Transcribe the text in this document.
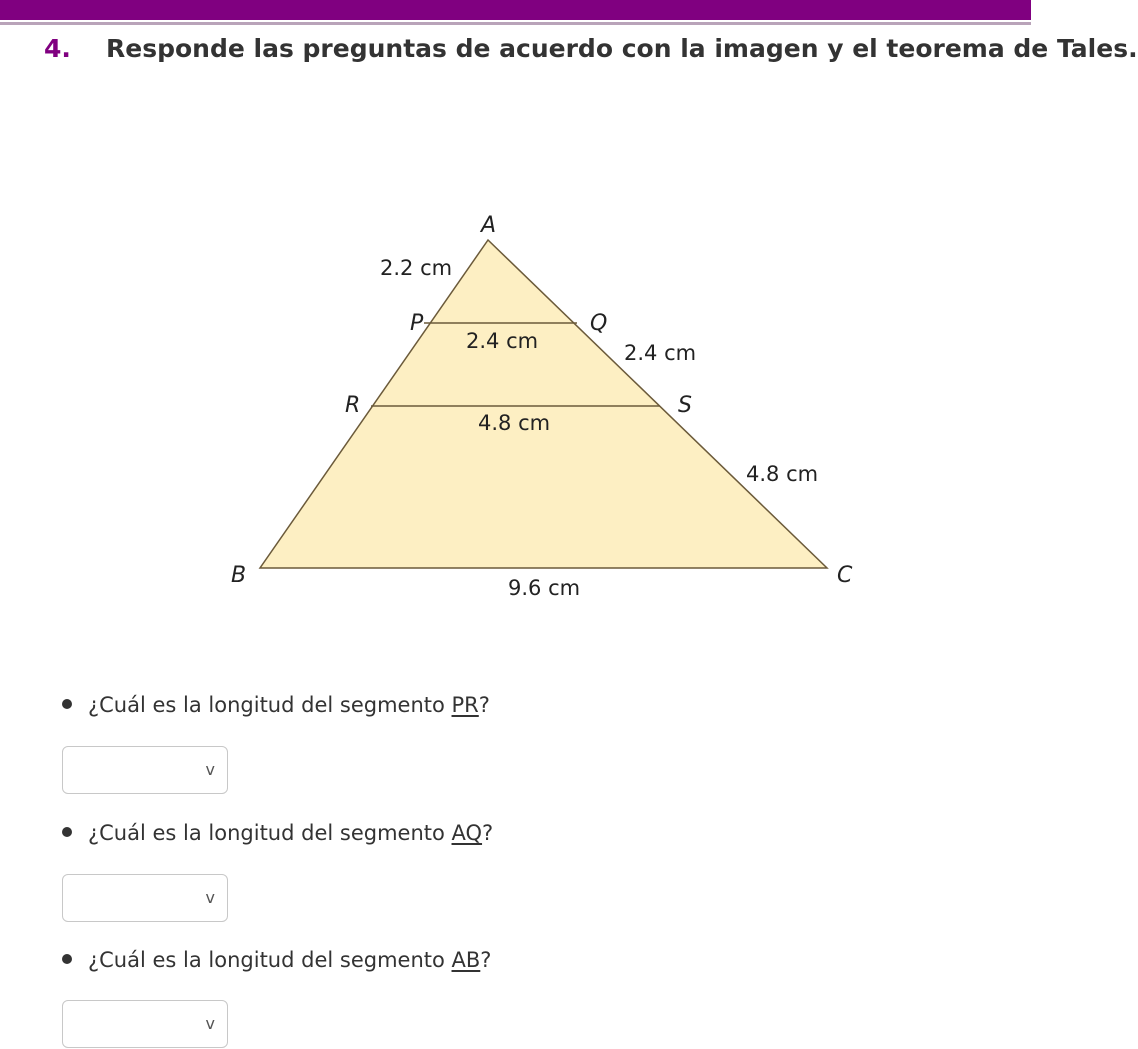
4. Responde las preguntas de acuerdo con la imagen y el teorema de Tales.
A
P	Q
R	S
B	C
2.2 cm
2.4 cm	2.4 cm
4.8 cm
4.8 cm
9.6 cm
¿Cuál es la longitud del segmento PR?
v
¿Cuál es la longitud del segmento AQ?
v
¿Cuál es la longitud del segmento AB?
v
